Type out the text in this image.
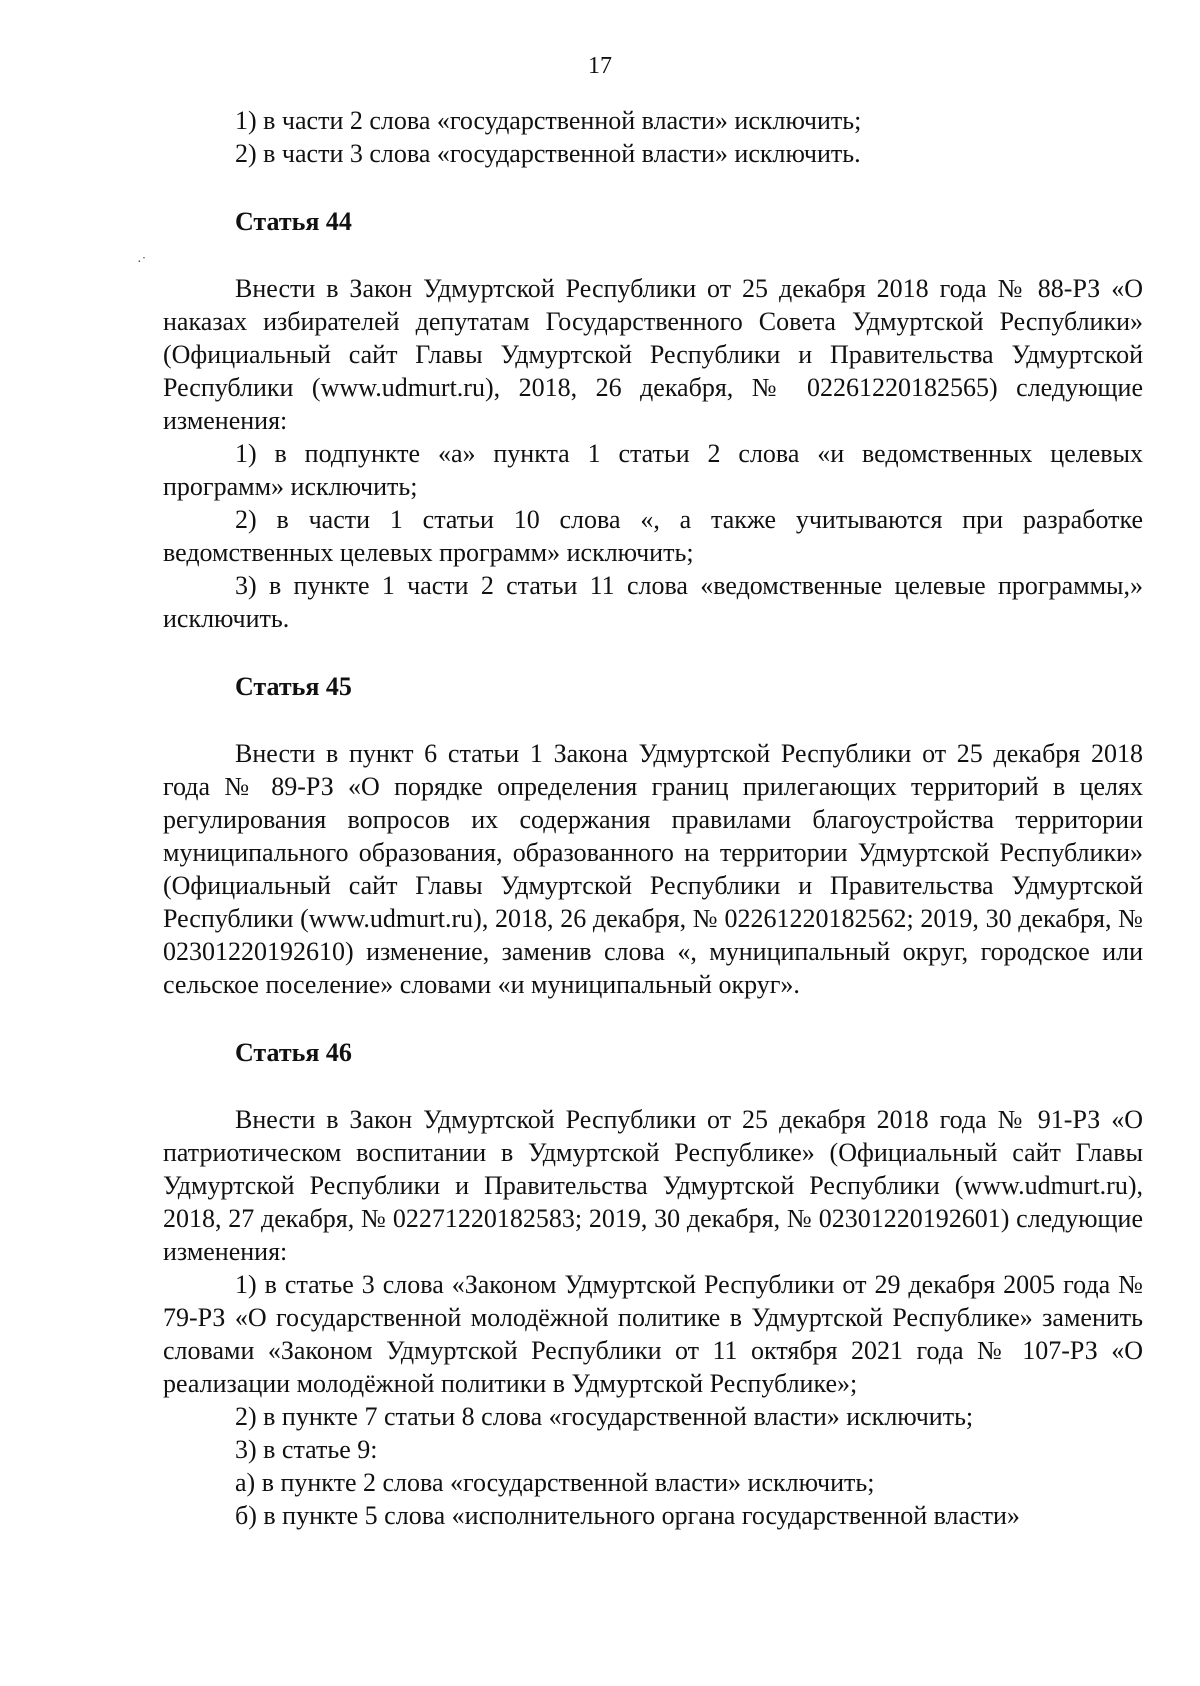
17
·˙

1) в части 2 слова «государственной власти» исключить;

2) в части 3 слова «государственной власти» исключить.

Статья 44

Внести в Закон Удмуртской Республики от 25 декабря 2018 года № 88-РЗ «О наказах избирателей депутатам Государственного Совета Удмуртской Республики» (Официальный сайт Главы Удмуртской Республики и Правительства Удмуртской Республики (www.udmurt.ru), 2018, 26 декабря, № 02261220182565) следующие изменения:

1) в подпункте «а» пункта 1 статьи 2 слова «и ведомственных целевых программ» исключить;

2) в части 1 статьи 10 слова «, а также учитываются при разработке ведомственных целевых программ» исключить;

3) в пункте 1 части 2 статьи 11 слова «ведомственные целевые программы,» исключить.

Статья 45

Внести в пункт 6 статьи 1 Закона Удмуртской Республики от 25 декабря 2018 года № 89-РЗ «О порядке определения границ прилегающих территорий в целях регулирования вопросов их содержания правилами благоустройства территории муниципального образования, образованного на территории Удмуртской Республики» (Официальный сайт Главы Удмуртской Республики и Правительства Удмуртской Республики (www.udmurt.ru), 2018, 26 декабря, № 02261220182562; 2019, 30 декабря, № 02301220192610) изменение, заменив слова «, муниципальный округ, городское или сельское поселение» словами «и муниципальный округ».

Статья 46

Внести в Закон Удмуртской Республики от 25 декабря 2018 года № 91-РЗ «О патриотическом воспитании в Удмуртской Республике» (Официальный сайт Главы Удмуртской Республики и Правительства Удмуртской Республики (www.udmurt.ru), 2018, 27 декабря, № 02271220182583; 2019, 30 декабря, № 02301220192601) следующие изменения:

1) в статье 3 слова «Законом Удмуртской Республики от 29 декабря 2005 года № 79-РЗ «О государственной молодёжной политике в Удмуртской Республике» заменить словами «Законом Удмуртской Республики от 11 октября 2021 года № 107-РЗ «О реализации молодёжной политики в Удмуртской Республике»;

2) в пункте 7 статьи 8 слова «государственной власти» исключить;

3) в статье 9:

а) в пункте 2 слова «государственной власти» исключить;

б) в пункте 5 слова «исполнительного органа государственной власти»
